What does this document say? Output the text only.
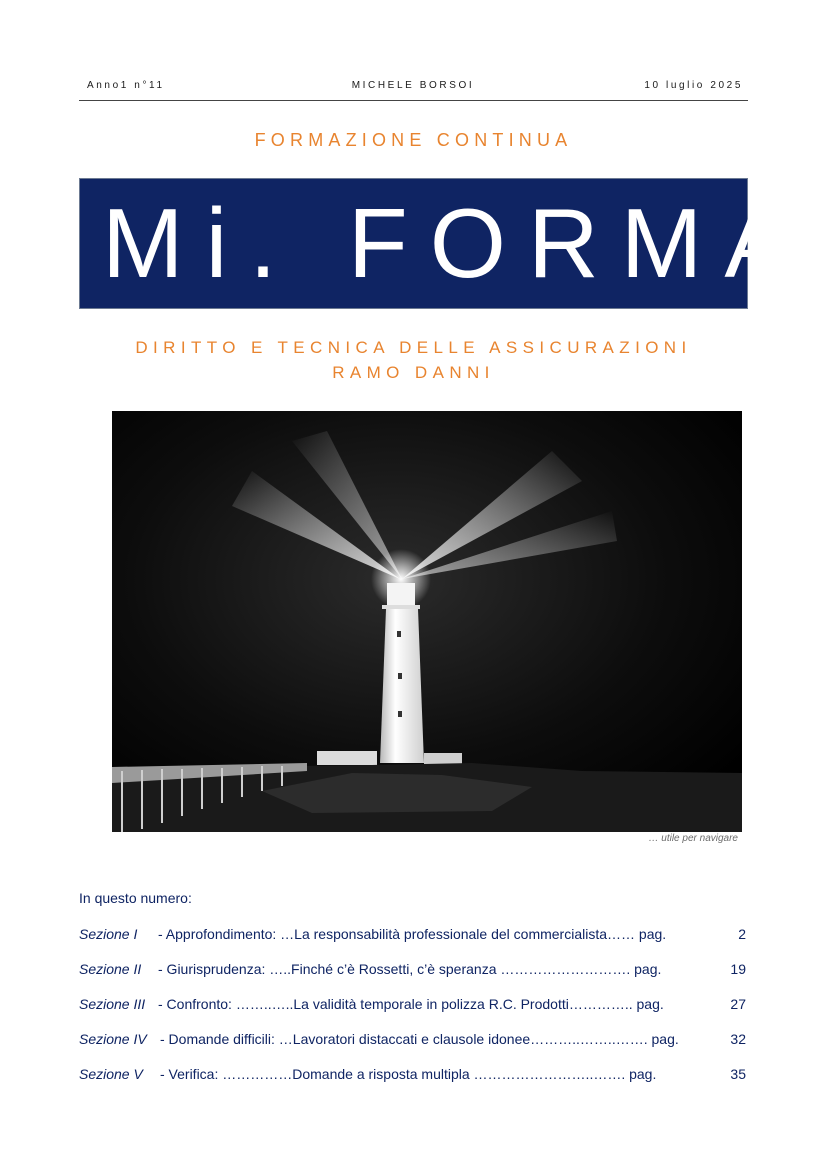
Anno1 n°11	MICHELE BORSOI	10 luglio 2025
FORMAZIONE CONTINUA
Mi. FORMA
DIRITTO E TECNICA DELLE ASSICURAZIONI
RAMO DANNI
… utile per navigare
In questo numero:
Sezione I - Approfondimento: …La responsabilità professionale del commercialista…… pag.	2
Sezione II - Giurisprudenza: …..Finché c’è Rossetti, c’è speranza ………………………. pag.	19
Sezione III - Confronto: ……..…..La validità temporale in polizza R.C. Prodotti………….. pag.	27
Sezione IV - Domande difficili: …Lavoratori distaccati e clausole idonee………..……..……. pag.	32
Sezione V - Verifica: ……………Domande a risposta multipla ……………………..……. pag.	35
